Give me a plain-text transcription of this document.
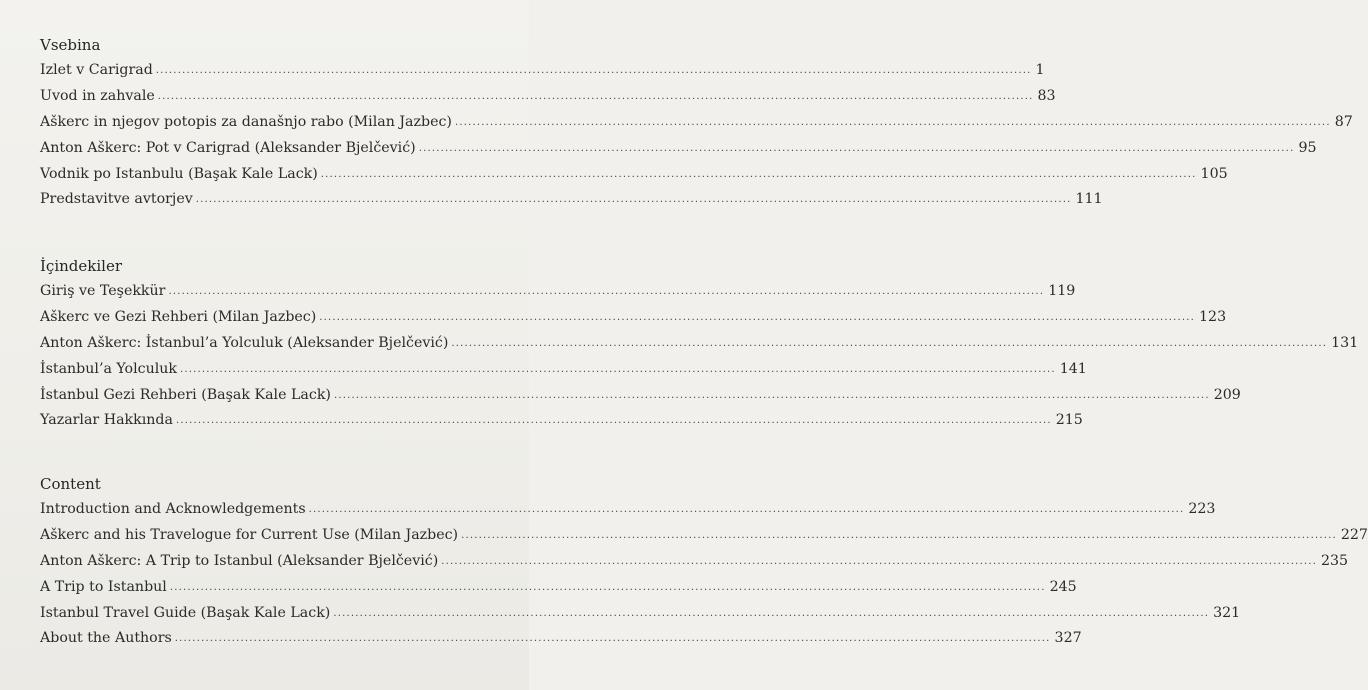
Vsebina
Izlet v Carigrad ........................................................................................................................................................................................................ 1
Uvod in zahvale ........................................................................................................................................................................................................ 83
Aškerc in njegov potopis za današnjo rabo (Milan Jazbec) ........................................................................................................................................................................................................ 87
Anton Aškerc: Pot v Carigrad (Aleksander Bjelčević) ........................................................................................................................................................................................................ 95
Vodnik po Istanbulu (Başak Kale Lack) ........................................................................................................................................................................................................ 105
Predstavitve avtorjev ........................................................................................................................................................................................................ 111
İçindekiler
Giriş ve Teşekkür ........................................................................................................................................................................................................ 119
Aškerc ve Gezi Rehberi (Milan Jazbec) ........................................................................................................................................................................................................ 123
Anton Aškerc: İstanbul’a Yolculuk (Aleksander Bjelčević) ........................................................................................................................................................................................................ 131
İstanbul’a Yolculuk ........................................................................................................................................................................................................ 141
İstanbul Gezi Rehberi (Başak Kale Lack) ........................................................................................................................................................................................................ 209
Yazarlar Hakkında ........................................................................................................................................................................................................ 215
Content
Introduction and Acknowledgements ........................................................................................................................................................................................................ 223
Aškerc and his Travelogue for Current Use (Milan Jazbec) ........................................................................................................................................................................................................ 227
Anton Aškerc: A Trip to Istanbul (Aleksander Bjelčević) ........................................................................................................................................................................................................ 235
A Trip to Istanbul ........................................................................................................................................................................................................ 245
Istanbul Travel Guide (Başak Kale Lack) ........................................................................................................................................................................................................ 321
About the Authors ........................................................................................................................................................................................................ 327
